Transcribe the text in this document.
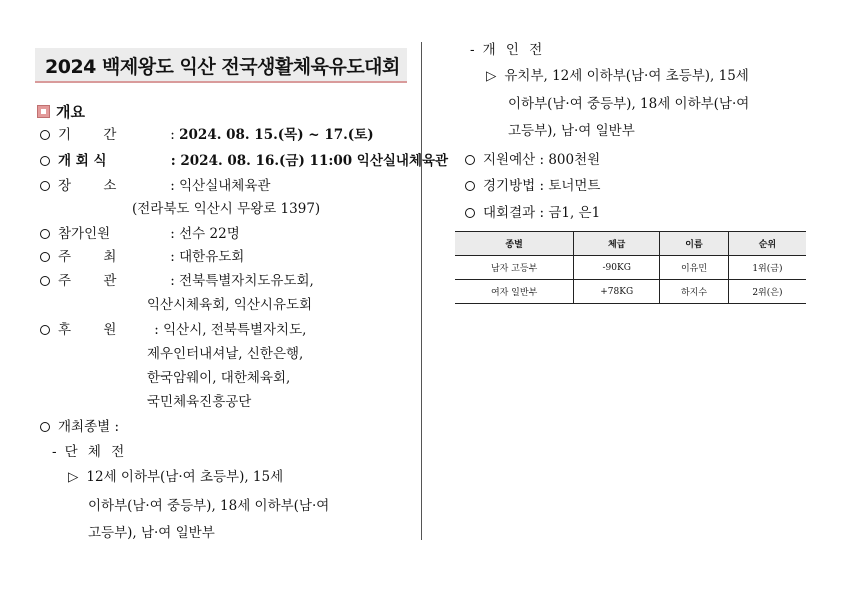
2024 백제왕도 익산 전국생활체육유도대회
개요
기 간	: 2024. 08. 15.(목) ~ 17.(토)
개 회 식	: 2024. 08. 16.(금) 11:00 익산실내체육관
장 소	: 익산실내체육관
(전라북도 익산시 무왕로 1397)
참가인원	: 선수 22명
주 최	: 대한유도회
주 관	: 전북특별자치도유도회,
익산시체육회, 익산시유도회
후 원 : 익산시, 전북특별자치도,
제우인터내셔날, 신한은행,
한국암웨이, 대한체육회,
국민체육진흥공단
개최종별 :
- 단 체 전
▷ 12세 이하부(남·여 초등부), 15세
이하부(남·여 중등부), 18세 이하부(남·여
고등부), 남·여 일반부
- 개 인 전
▷ 유치부, 12세 이하부(남·여 초등부), 15세
이하부(남·여 중등부), 18세 이하부(남·여
고등부), 남·여 일반부
지원예산 : 800천원
경기방법 : 토너먼트
대회결과 : 금1, 은1
종별	체급	이름	순위
남자 고등부	-90KG	이유민	1위(금)
여자 일반부	+78KG	하지수	2위(은)
